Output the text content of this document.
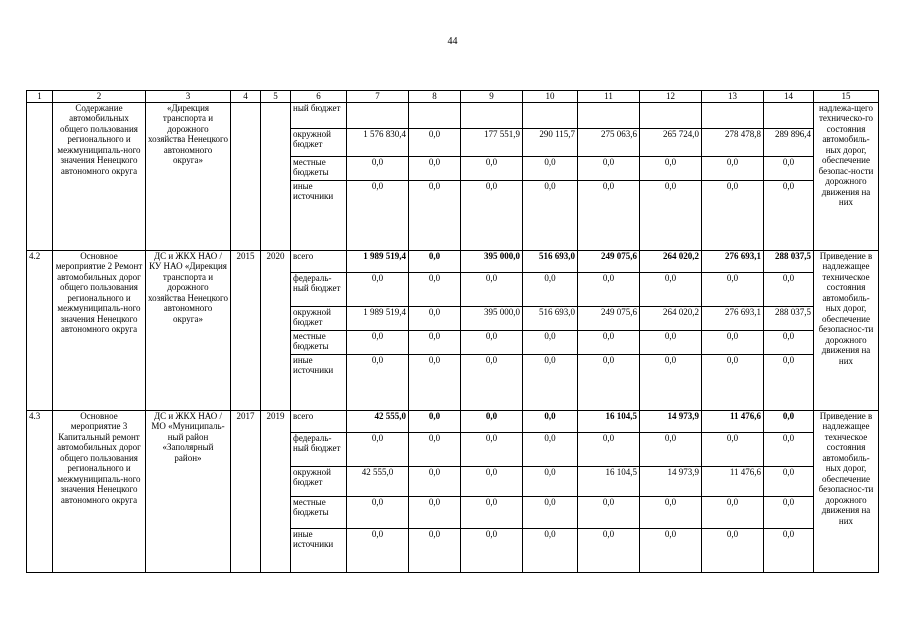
44
1	2	3	4	5	6	7	8	9	10	11	12	13	14	15
	Содержание автомобильных общего пользования регионального и межмуниципаль-ного значения Ненецкого автономного округа	«Дирекция транспорта и дорожного хозяйства Ненецкого автономного округа»			ный бюджет									надлежа-щего техническо-го состояния автомобиль-ных дорог, обеспечение безопас-ности дорожного движения на них
					окружной бюджет	1 576 830,4	0,0	177 551,9	290 115,7	275 063,6	265 724,0	278 478,8	289 896,4	
					местные бюджеты	0,0	0,0	0,0	0,0	0,0	0,0	0,0	0,0	
					иные источники	0,0	0,0	0,0	0,0	0,0	0,0	0,0	0,0	
4.2	Основное мероприятие 2 Ремонт автомобильных дорог общего пользования регионального и межмуниципаль-ного значения Ненецкого автономного округа	ДС и ЖКХ НАО / КУ НАО «Дирекция транспорта и дорожного хозяйства Ненецкого автономного округа»	2015	2020	всего	1 989 519,4	0,0	395 000,0	516 693,0	249 075,6	264 020,2	276 693,1	288 037,5	Приведение в надлежащее техническое состояния автомобиль-ных дорог, обеспечение безопаснос-ти дорожного движения на них
					федераль-ный бюджет	0,0	0,0	0,0	0,0	0,0	0,0	0,0	0,0	
					окружной бюджет	1 989 519,4	0,0	395 000,0	516 693,0	249 075,6	264 020,2	276 693,1	288 037,5	
					местные бюджеты	0,0	0,0	0,0	0,0	0,0	0,0	0,0	0,0	
					иные источники	0,0	0,0	0,0	0,0	0,0	0,0	0,0	0,0	
4.3	Основное мероприятие 3 Капитальный ремонт автомобильных дорог общего пользования регионального и межмуниципаль-ного значения Ненецкого автономного округа	ДС и ЖКХ НАО / МО «Муниципаль-ный район «Заполярный район»	2017	2019	всего	42 555,0	0,0	0,0	0,0	16 104,5	14 973,9	11 476,6	0,0	Приведение в надлежащее технческое состояния автомобиль-ных дорог, обеспечение безопаснос-ти дорожного движения на них
					федераль-ный бюджет	0,0	0,0	0,0	0,0	0,0	0,0	0,0	0,0	
					окружной бюджет	42 555,0	0,0	0,0	0,0	16 104,5	14 973,9	11 476,6	0,0	
					местные бюджеты	0,0	0,0	0,0	0,0	0,0	0,0	0,0	0,0	
					иные источники	0,0	0,0	0,0	0,0	0,0	0,0	0,0	0,0	
